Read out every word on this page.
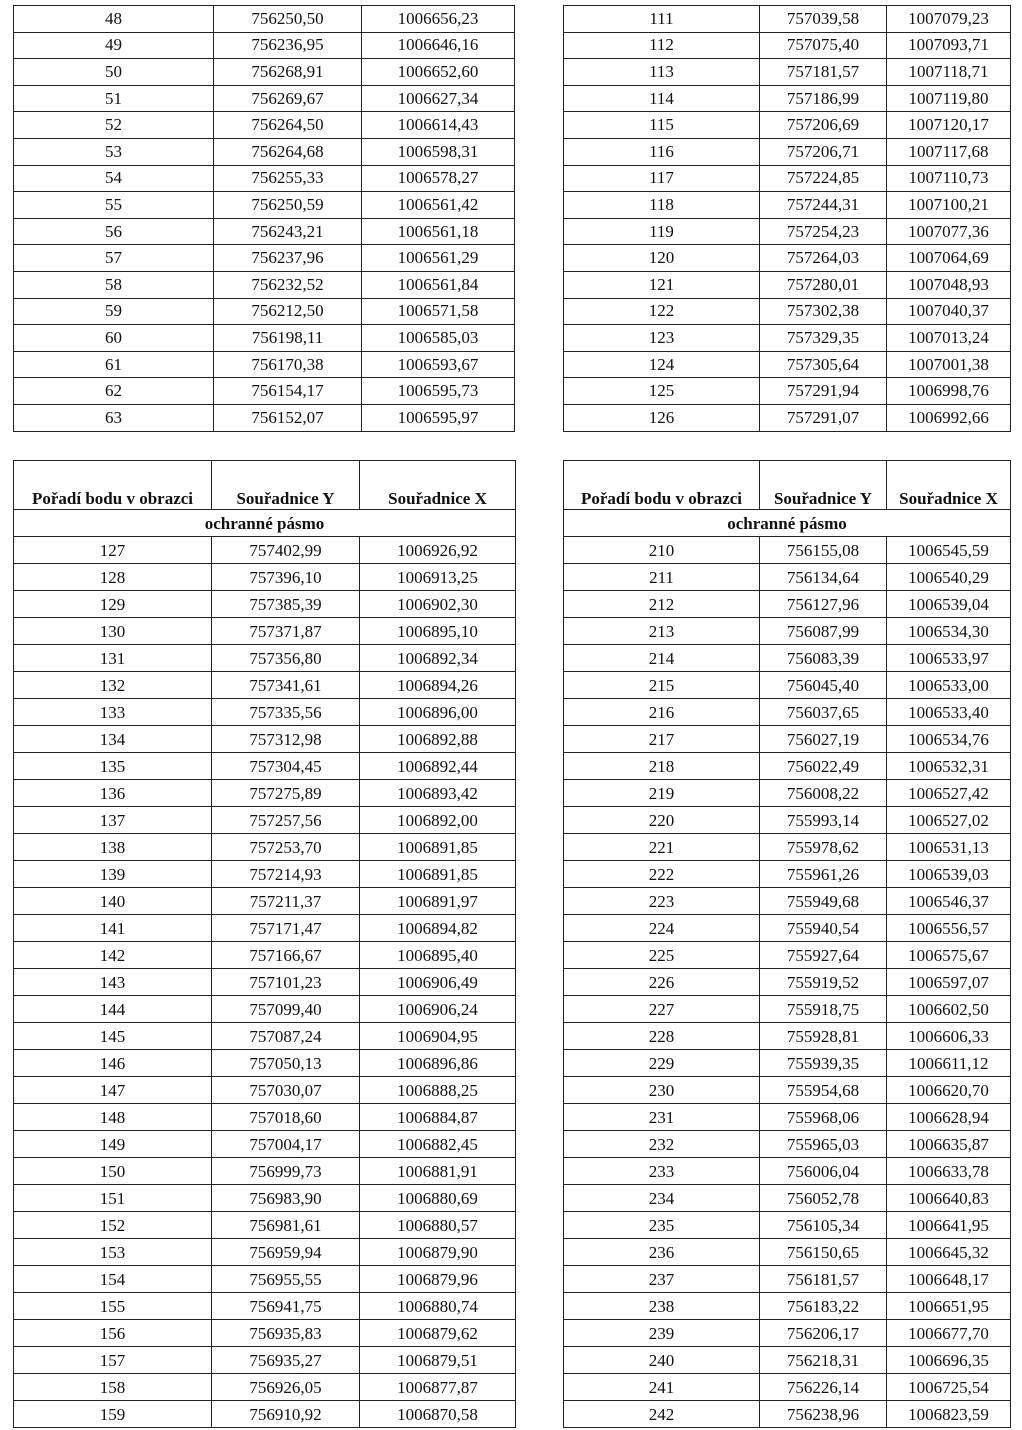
48	756250,50	1006656,23
49	756236,95	1006646,16
50	756268,91	1006652,60
51	756269,67	1006627,34
52	756264,50	1006614,43
53	756264,68	1006598,31
54	756255,33	1006578,27
55	756250,59	1006561,42
56	756243,21	1006561,18
57	756237,96	1006561,29
58	756232,52	1006561,84
59	756212,50	1006571,58
60	756198,11	1006585,03
61	756170,38	1006593,67
62	756154,17	1006595,73
63	756152,07	1006595,97
111	757039,58	1007079,23
112	757075,40	1007093,71
113	757181,57	1007118,71
114	757186,99	1007119,80
115	757206,69	1007120,17
116	757206,71	1007117,68
117	757224,85	1007110,73
118	757244,31	1007100,21
119	757254,23	1007077,36
120	757264,03	1007064,69
121	757280,01	1007048,93
122	757302,38	1007040,37
123	757329,35	1007013,24
124	757305,64	1007001,38
125	757291,94	1006998,76
126	757291,07	1006992,66
Pořadí bodu v obrazci	Souřadnice Y	Souřadnice X
ochranné pásmo		
127	757402,99	1006926,92
128	757396,10	1006913,25
129	757385,39	1006902,30
130	757371,87	1006895,10
131	757356,80	1006892,34
132	757341,61	1006894,26
133	757335,56	1006896,00
134	757312,98	1006892,88
135	757304,45	1006892,44
136	757275,89	1006893,42
137	757257,56	1006892,00
138	757253,70	1006891,85
139	757214,93	1006891,85
140	757211,37	1006891,97
141	757171,47	1006894,82
142	757166,67	1006895,40
143	757101,23	1006906,49
144	757099,40	1006906,24
145	757087,24	1006904,95
146	757050,13	1006896,86
147	757030,07	1006888,25
148	757018,60	1006884,87
149	757004,17	1006882,45
150	756999,73	1006881,91
151	756983,90	1006880,69
152	756981,61	1006880,57
153	756959,94	1006879,90
154	756955,55	1006879,96
155	756941,75	1006880,74
156	756935,83	1006879,62
157	756935,27	1006879,51
158	756926,05	1006877,87
159	756910,92	1006870,58
Pořadí bodu v obrazci	Souřadnice Y	Souřadnice X
ochranné pásmo		
210	756155,08	1006545,59
211	756134,64	1006540,29
212	756127,96	1006539,04
213	756087,99	1006534,30
214	756083,39	1006533,97
215	756045,40	1006533,00
216	756037,65	1006533,40
217	756027,19	1006534,76
218	756022,49	1006532,31
219	756008,22	1006527,42
220	755993,14	1006527,02
221	755978,62	1006531,13
222	755961,26	1006539,03
223	755949,68	1006546,37
224	755940,54	1006556,57
225	755927,64	1006575,67
226	755919,52	1006597,07
227	755918,75	1006602,50
228	755928,81	1006606,33
229	755939,35	1006611,12
230	755954,68	1006620,70
231	755968,06	1006628,94
232	755965,03	1006635,87
233	756006,04	1006633,78
234	756052,78	1006640,83
235	756105,34	1006641,95
236	756150,65	1006645,32
237	756181,57	1006648,17
238	756183,22	1006651,95
239	756206,17	1006677,70
240	756218,31	1006696,35
241	756226,14	1006725,54
242	756238,96	1006823,59
